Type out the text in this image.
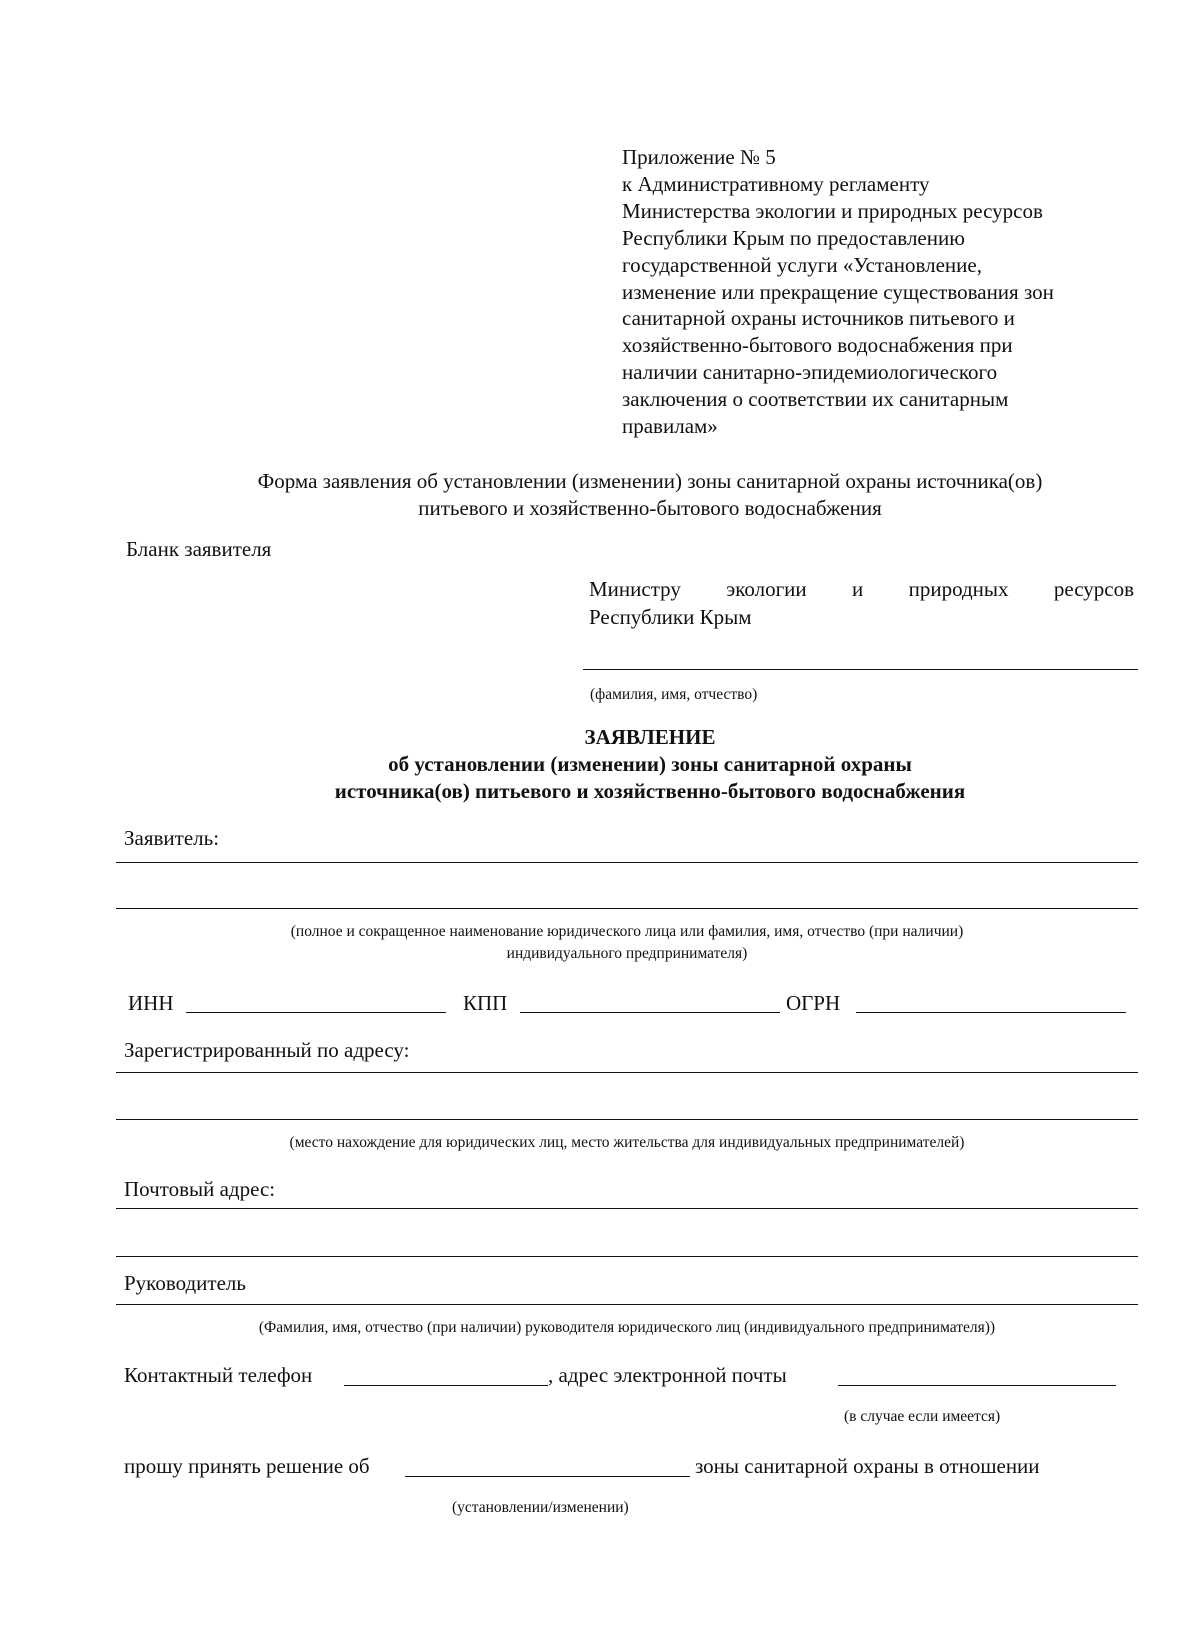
Приложение № 5
к Административному регламенту
Министерства экологии и природных ресурсов
Республики Крым по предоставлению
государственной услуги «Установление,
изменение или прекращение существования зон
санитарной охраны источников питьевого и
хозяйственно-бытового водоснабжения при
наличии санитарно-эпидемиологического
заключения о соответствии их санитарным
правилам»
Форма заявления об установлении (изменении) зоны санитарной охраны источника(ов)
питьевого и хозяйственно-бытового водоснабжения
Бланк заявителя
Министру экологии и природных ресурсов
Республики Крым
(фамилия, имя, отчество)
ЗАЯВЛЕНИЕ
об установлении (изменении) зоны санитарной охраны
источника(ов) питьевого и хозяйственно-бытового водоснабжения
Заявитель:
(полное и сокращенное наименование юридического лица или фамилия, имя, отчество (при наличии)
индивидуального предпринимателя)
ИНН	КПП	ОГРН
Зарегистрированный по адресу:
(место нахождение для юридических лиц, место жительства для индивидуальных предпринимателей)
Почтовый адрес:
Руководитель
(Фамилия, имя, отчество (при наличии) руководителя юридического лиц (индивидуального предпринимателя))
Контактный телефон	, адрес электронной почты
(в случае если имеется)
прошу принять решение об	зоны санитарной охраны в отношении
(установлении/изменении)
